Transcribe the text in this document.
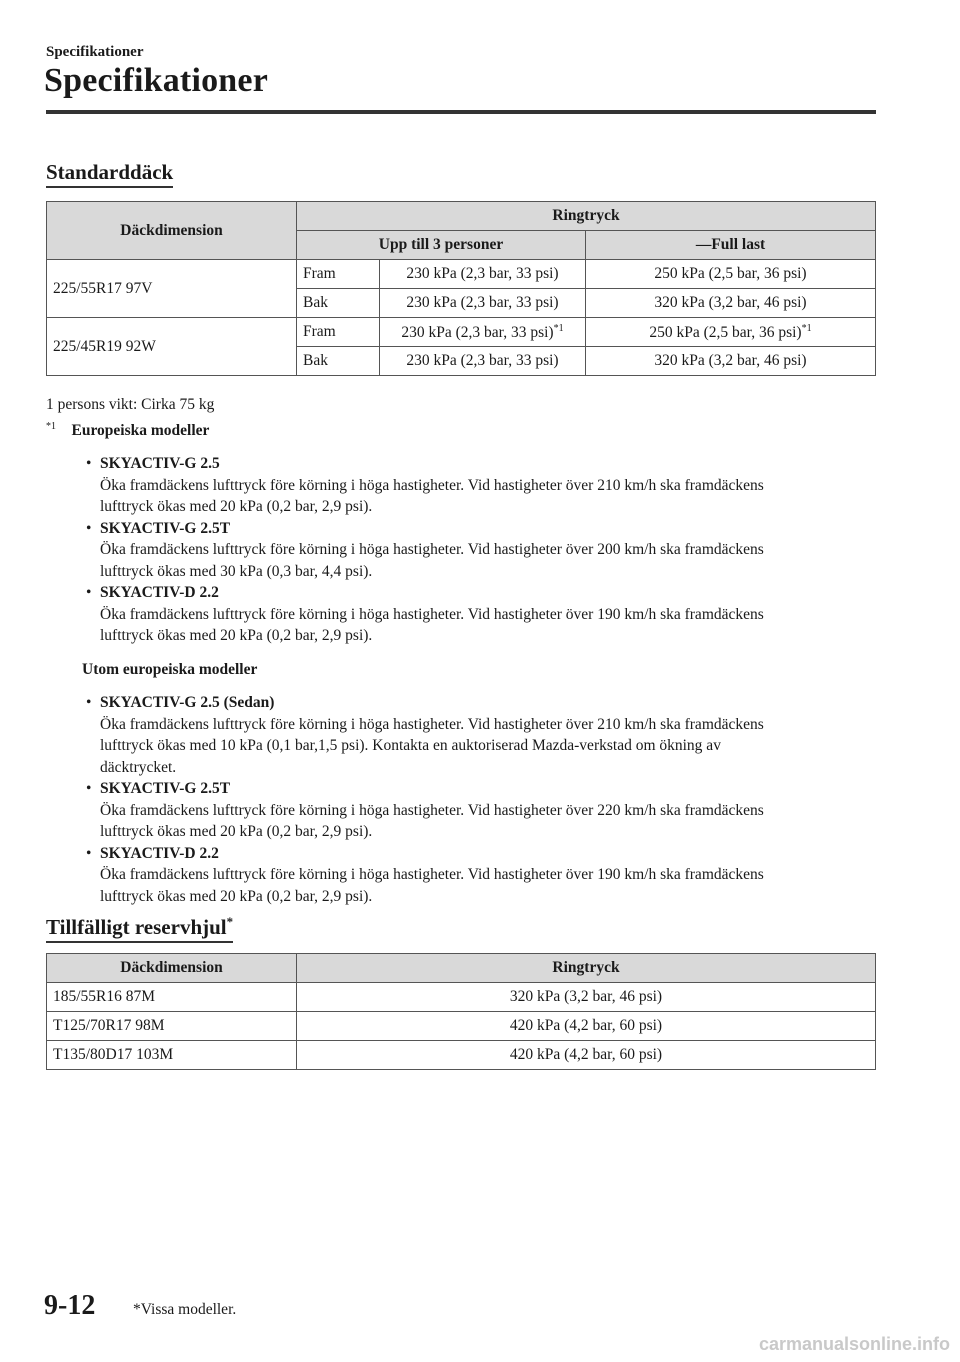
Specifikationer
Specifikationer
Standarddäck
Däckdimension	Ringtryck		
	Upp till 3 personer		—Full last
225/55R17 97V	Fram	230 kPa (2,3 bar, 33 psi)	250 kPa (2,5 bar, 36 psi)
	Bak	230 kPa (2,3 bar, 33 psi)	320 kPa (3,2 bar, 46 psi)
225/45R19 92W	Fram	230 kPa (2,3 bar, 33 psi)$^{*1}$	250 kPa (2,5 bar, 36 psi)$^{*1}$
	Bak	230 kPa (2,3 bar, 33 psi)	320 kPa (3,2 bar, 46 psi)
1 persons vikt: Cirka 75 kg
$^{*1}$ Europeiska modeller
• SKYACTIV-G 2.5
Öka framdäckens lufttryck före körning i höga hastigheter. Vid hastigheter över 210 km/h ska framdäckens
lufttryck ökas med 20 kPa (0,2 bar, 2,9 psi).
• SKYACTIV-G 2.5T
Öka framdäckens lufttryck före körning i höga hastigheter. Vid hastigheter över 200 km/h ska framdäckens
lufttryck ökas med 30 kPa (0,3 bar, 4,4 psi).
• SKYACTIV-D 2.2
Öka framdäckens lufttryck före körning i höga hastigheter. Vid hastigheter över 190 km/h ska framdäckens
lufttryck ökas med 20 kPa (0,2 bar, 2,9 psi).
Utom europeiska modeller
• SKYACTIV-G 2.5 (Sedan)
Öka framdäckens lufttryck före körning i höga hastigheter. Vid hastigheter över 210 km/h ska framdäckens
lufttryck ökas med 10 kPa (0,1 bar,1,5 psi). Kontakta en auktoriserad Mazda-verkstad om ökning av
däcktrycket.
• SKYACTIV-G 2.5T
Öka framdäckens lufttryck före körning i höga hastigheter. Vid hastigheter över 220 km/h ska framdäckens
lufttryck ökas med 20 kPa (0,2 bar, 2,9 psi).
• SKYACTIV-D 2.2
Öka framdäckens lufttryck före körning i höga hastigheter. Vid hastigheter över 190 km/h ska framdäckens
lufttryck ökas med 20 kPa (0,2 bar, 2,9 psi).
Tillfälligt reservhjul*
Däckdimension	Ringtryck
185/55R16 87M	320 kPa (3,2 bar, 46 psi)
T125/70R17 98M	420 kPa (4,2 bar, 60 psi)
T135/80D17 103M	420 kPa (4,2 bar, 60 psi)
9-12 *Vissa modeller.
carmanualsonline.info
